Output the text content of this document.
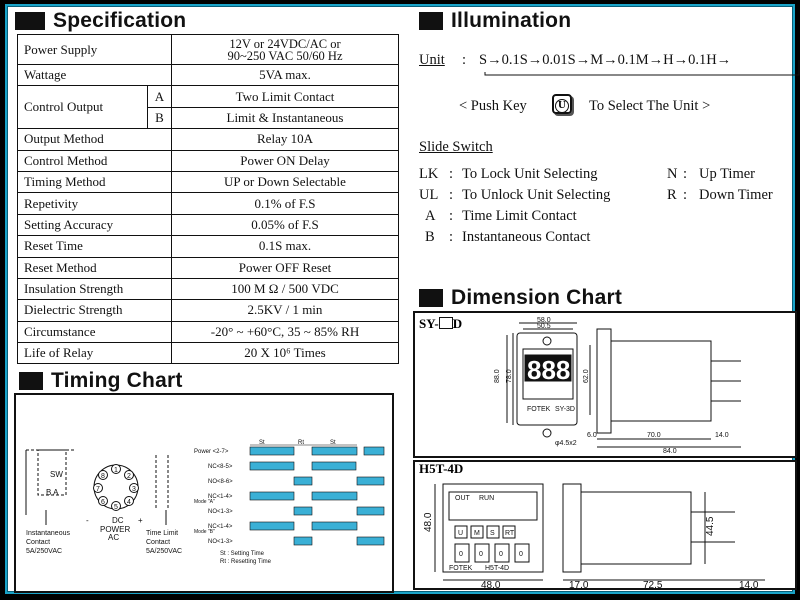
Specification
Power Supply		12V or 24VDC/AC or
90~250 VAC 50/60 Hz

Wattage		5VA max.
Control Output	A	Two Limit Contact
	B	Limit & Instantaneous
Output Method		Relay 10A
Control Method		Power ON Delay
Timing Method		UP or Down Selectable
Repetivity		0.1% of F.S
Setting Accuracy		0.05% of F.S
Reset Time		0.1S max.
Reset Method		Power OFF Reset
Insulation Strength		100 M Ω / 500 VDC
Dielectric Strength		2.5KV / 1 min
Circumstance		-20° ~ +60°C, 35 ~ 85% RH
Life of Relay		20 X 10⁶ Times
Illumination
Unit : S→0.1S→0.01S→M→0.1M→H→0.1H→
< Push Key	U	To Select The Unit >
Slide Switch
LK : To Lock Unit Selecting
UL : To Unlock Unit Selecting
A : Time Limit Contact
B : Instantaneous Contact
N : Up Timer
R : Down Timer
Timing Chart
1
2
3
4
5
6
7
8
SW
B A
-	DC +
POWER
AC
Instantaneous
Contact
5A/250VAC
Time Limit
Contact
5A/250VAC
Power <2-7>
NC<8-5>
NO<8-6>
NC<1-4>
NO<1-3>
NC<1-4>
NO<1-3>
Mode "A"
Mode "B"
St	Rt	St
St : Setting Time
Rt : Resetting Time
Dimension Chart
SY- D
888
58.0
50.5
88.0 78.0	62.0
6.0	70.0	14.0
84.0
φ4.5x2
FOTEK SY-3D
H5T-4D
OUT RUN
U M S RT
0 0 0 0
FOTEK H5T-4D
48.0
48.0
44.5
17.0	72.5	14.0
